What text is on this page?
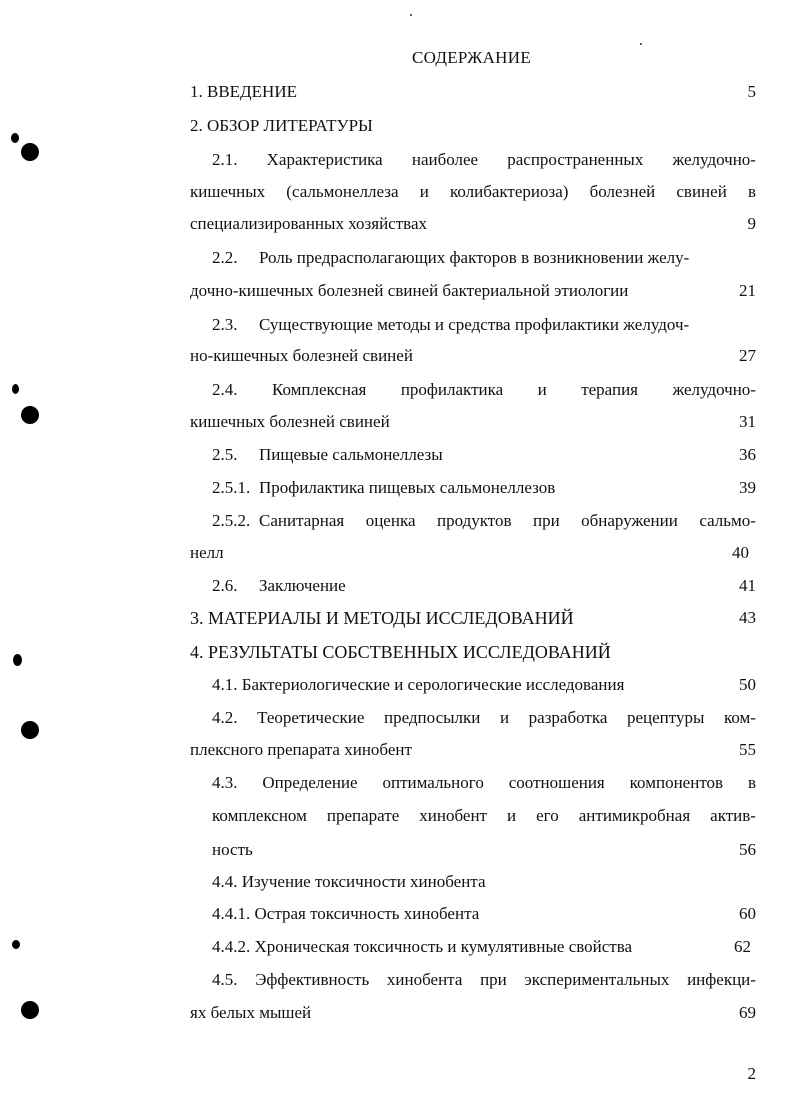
СОДЕРЖАНИЕ
1. ВВЕДЕНИЕ	5
2. ОБЗОР ЛИТЕРАТУРЫ
2.1. Характеристика наиболее распространенных желудочно-
кишечных (сальмонеллеза и колибактериоза) болезней свиней в
специализированных хозяйствах	9
2.2. Роль предрасполагающих факторов в возникновении желу-
дочно-кишечных болезней свиней бактериальной этиологии	21
2.3. Существующие методы и средства профилактики желудоч-
но-кишечных болезней свиней	27
2.4. Комплексная профилактика и терапия желудочно-
кишечных болезней свиней	31
2.5. Пищевые сальмонеллезы	36
2.5.1. Профилактика пищевых сальмонеллезов	39
2.5.2. Санитарная оценка продуктов при обнаружении сальмо-
нелл	40
2.6. Заключение	41
3. МАТЕРИАЛЫ И МЕТОДЫ ИССЛЕДОВАНИЙ	43
4. РЕЗУЛЬТАТЫ СОБСТВЕННЫХ ИССЛЕДОВАНИЙ
4.1. Бактериологические и серологические исследования	50
4.2. Теоретические предпосылки и разработка рецептуры ком-
плексного препарата хинобент	55
4.3. Определение оптимального соотношения компонентов в
комплексном препарате хинобент и его антимикробная актив-
ность	56
4.4. Изучение токсичности хинобента
4.4.1. Острая токсичность хинобента	60
4.4.2. Хроническая токсичность и кумулятивные свойства	62
4.5. Эффективность хинобента при экспериментальных инфекци-
ях белых мышей	69
2
